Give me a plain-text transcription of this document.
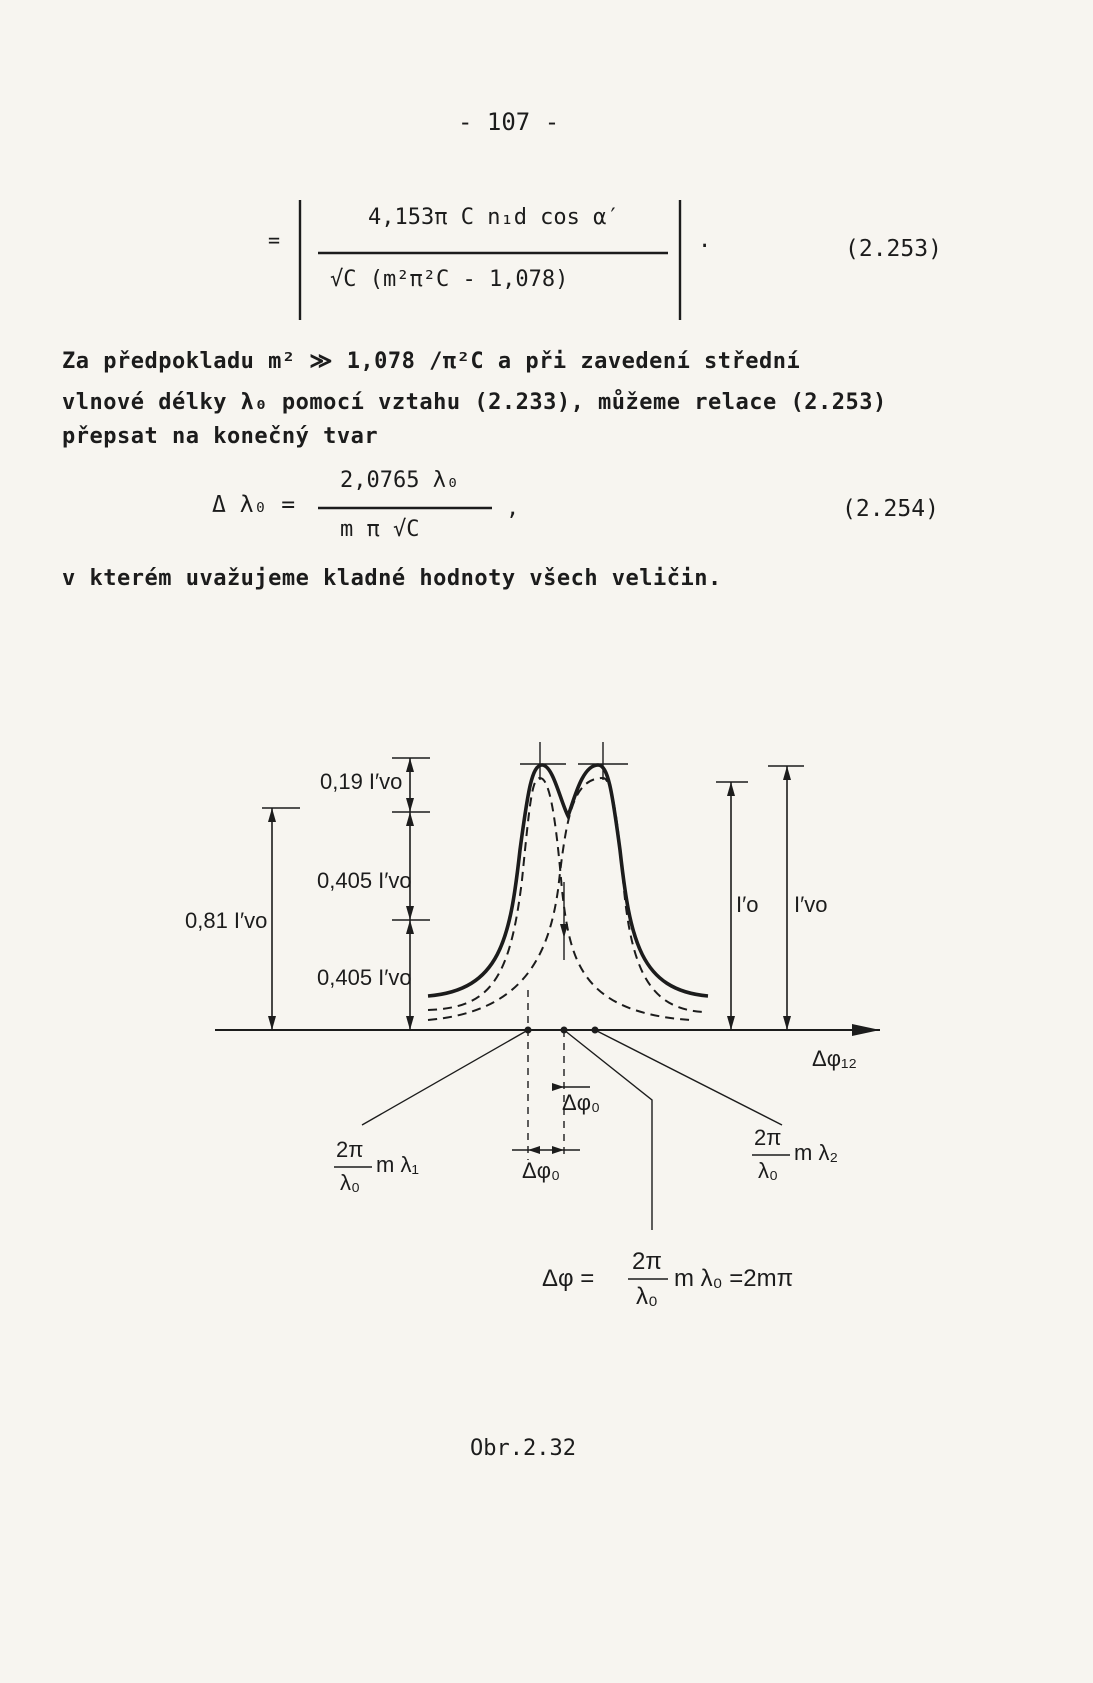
- 107 -
=
4,153π C n₁d cos α′
√C (m²π²C - 1,078)
.	(2.253)
Za předpokladu m² ≫ 1,078 /π²C a při zavedení střední
vlnové délky λ₀ pomocí vztahu (2.233), můžeme relace (2.253)
přepsat na konečný tvar
Δ λ₀ =
2,0765 λ₀
m π √C
,	(2.254)
v kterém uvažujeme kladné hodnoty všech veličin.
0,19 I′vo
0,405 I′vo
0,405 I′vo
0,81 I′vo
I′o I′vo
Δφ₁₂
Δφ₀
Δφ₀
2π
m λ₁
λ₀
2π
m λ₂
λ₀
Δφ =
2π
λ₀
m λ₀ =2mπ
Obr.2.32
